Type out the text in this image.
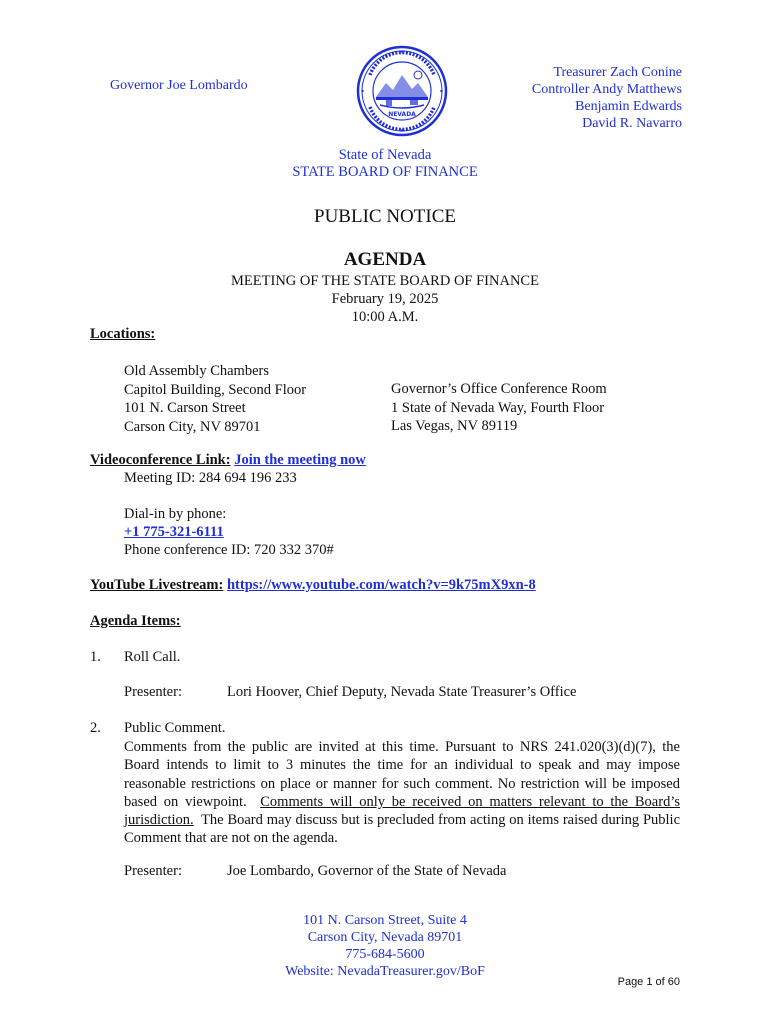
Governor Joe Lombardo
NEVADA
Treasurer Zach Conine
Controller Andy Matthews
Benjamin Edwards
David R. Navarro
State of Nevada
STATE BOARD OF FINANCE
PUBLIC NOTICE
AGENDA
MEETING OF THE STATE BOARD OF FINANCE
February 19, 2025
10:00 A.M.
Locations:
Old Assembly Chambers
Capitol Building, Second Floor
101 N. Carson Street
Carson City, NV 89701
Governor’s Office Conference Room
1 State of Nevada Way, Fourth Floor
Las Vegas, NV 89119
Videoconference Link: Join the meeting now
Meeting ID: 284 694 196 233
Dial-in by phone:
+1 775-321-6111
Phone conference ID: 720 332 370#
YouTube Livestream: https://www.youtube.com/watch?v=9k75mX9xn-8
Agenda Items:
1. Roll Call.
Presenter:	Lori Hoover, Chief Deputy, Nevada State Treasurer’s Office
2. Public Comment.
Comments from the public are invited at this time. Pursuant to NRS 241.020(3)(d)(7), the Board intends to limit to 3 minutes the time for an individual to speak and may impose reasonable restrictions on place or manner for such comment. No restriction will be imposed based on viewpoint. Comments will only be received on matters relevant to the Board’s jurisdiction. The Board may discuss but is precluded from acting on items raised during Public Comment that are not on the agenda.
Presenter:	Joe Lombardo, Governor of the State of Nevada
101 N. Carson Street, Suite 4
Carson City, Nevada 89701
775-684-5600
Website: NevadaTreasurer.gov/BoF
Page 1 of 60
